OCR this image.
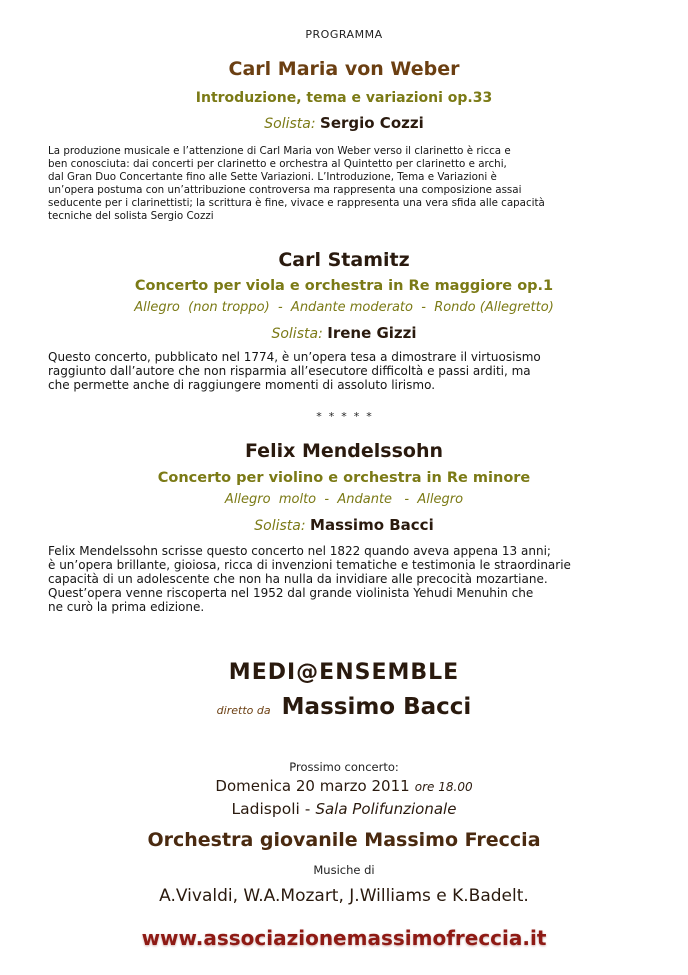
PROGRAMMA
Carl Maria von Weber
Introduzione, tema e variazioni op.33
Solista: Sergio Cozzi
La produzione musicale e l’attenzione di Carl Maria von Weber verso il clarinetto è ricca e
ben conosciuta: dai concerti per clarinetto e orchestra al Quintetto per clarinetto e archi,
dal Gran Duo Concertante fino alle Sette Variazioni. L’Introduzione, Tema e Variazioni è
un’opera postuma con un’attribuzione controversa ma rappresenta una composizione assai
seducente per i clarinettisti; la scrittura è fine, vivace e rappresenta una vera sfida alle capacità
tecniche del solista Sergio Cozzi
Carl Stamitz
Concerto per viola e orchestra in Re maggiore op.1
Allegro  (non troppo)  -  Andante moderato  -  Rondo (Allegretto)
Solista: Irene Gizzi
Questo concerto, pubblicato nel 1774, è un’opera tesa a dimostrare il virtuosismo
raggiunto dall’autore che non risparmia all’esecutore difficoltà e passi arditi, ma
che permette anche di raggiungere momenti di assoluto lirismo.
*  *  *  *  *
Felix Mendelssohn
Concerto per violino e orchestra in Re minore
Allegro  molto  -  Andante   -  Allegro
Solista: Massimo Bacci
Felix Mendelssohn scrisse questo concerto nel 1822 quando aveva appena 13 anni;
è un’opera brillante, gioiosa, ricca di invenzioni tematiche e testimonia le straordinarie
capacità di un adolescente che non ha nulla da invidiare alle precocità mozartiane.
Quest’opera venne riscoperta nel 1952 dal grande violinista Yehudi Menuhin che
ne curò la prima edizione.
MEDI@ENSEMBLE
diretto da Massimo Bacci
Prossimo concerto:
Domenica 20 marzo 2011 ore 18.00
Ladispoli - Sala Polifunzionale
Orchestra giovanile Massimo Freccia
Musiche di
A.Vivaldi, W.A.Mozart, J.Williams e K.Badelt.
www.associazionemassimofreccia.it
